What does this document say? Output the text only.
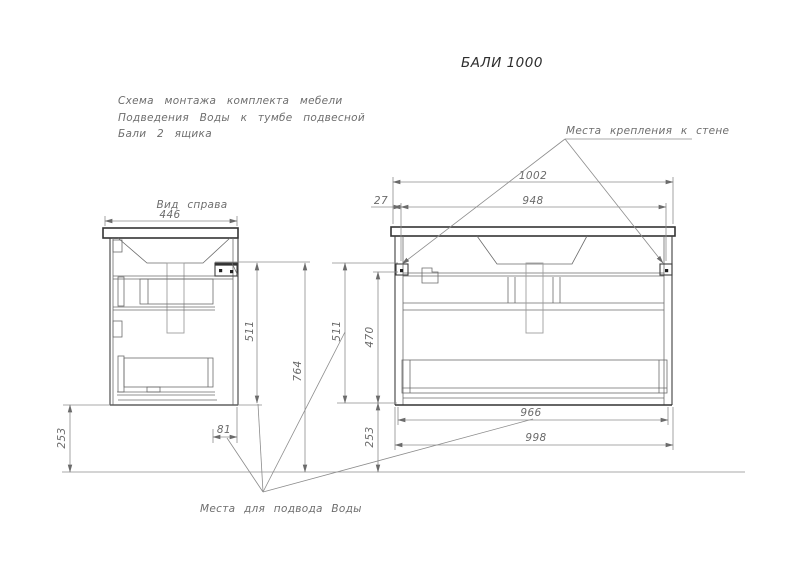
БАЛИ 1000
Схема монтажа комплекта мебели
Подведения Воды к тумбе подвесной
Бали 2 ящика	Места крепления к стене
Места для подвода Воды
Вид справа
446
1002
27	948
511
764
511 470
253
253	81
966
998
